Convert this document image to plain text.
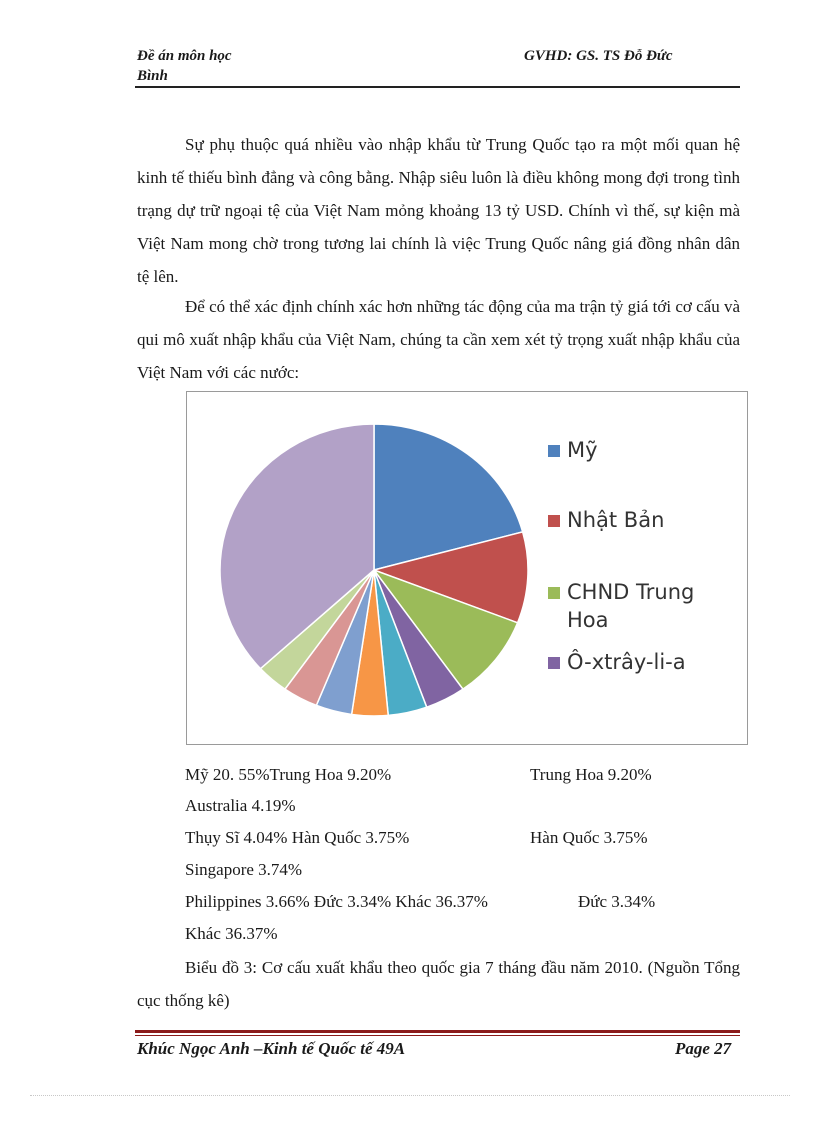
Đề án môn học
Bình
GVHD: GS. TS Đỗ Đức

Sự phụ thuộc quá nhiều vào nhập khẩu từ Trung Quốc tạo ra một mối quan hệ kinh tế thiếu bình đẳng và công bằng. Nhập siêu luôn là điều không mong đợi trong tình trạng dự trữ ngoại tệ của Việt Nam mỏng khoảng 13 tỷ USD. Chính vì thế, sự kiện mà Việt Nam mong chờ trong tương lai chính là việc Trung Quốc nâng giá đồng nhân dân tệ lên.

Để có thể xác định chính xác hơn những tác động của ma trận tỷ giá tới cơ cấu và qui mô xuất nhập khẩu của Việt Nam, chúng ta cần xem xét tỷ trọng xuất nhập khẩu của Việt Nam với các nước:

Mỹ
Nhật Bản
CHND Trung
Hoa
Ô-xtrây-li-a
Mỹ 20. 55%Trung Hoa 9.20%	Trung Hoa 9.20%
Australia 4.19%
Thụy Sĩ 4.04% Hàn Quốc 3.75%	Hàn Quốc 3.75%
Singapore 3.74%
Philippines 3.66% Đức 3.34% Khác 36.37%	Đức 3.34%
Khác 36.37%

Biểu đồ 3: Cơ cấu xuất khẩu theo quốc gia 7 tháng đầu năm 2010. (Nguồn Tổng cục thống kê)

Khúc Ngọc Anh –Kinh tế Quốc tế 49A	Page 27
